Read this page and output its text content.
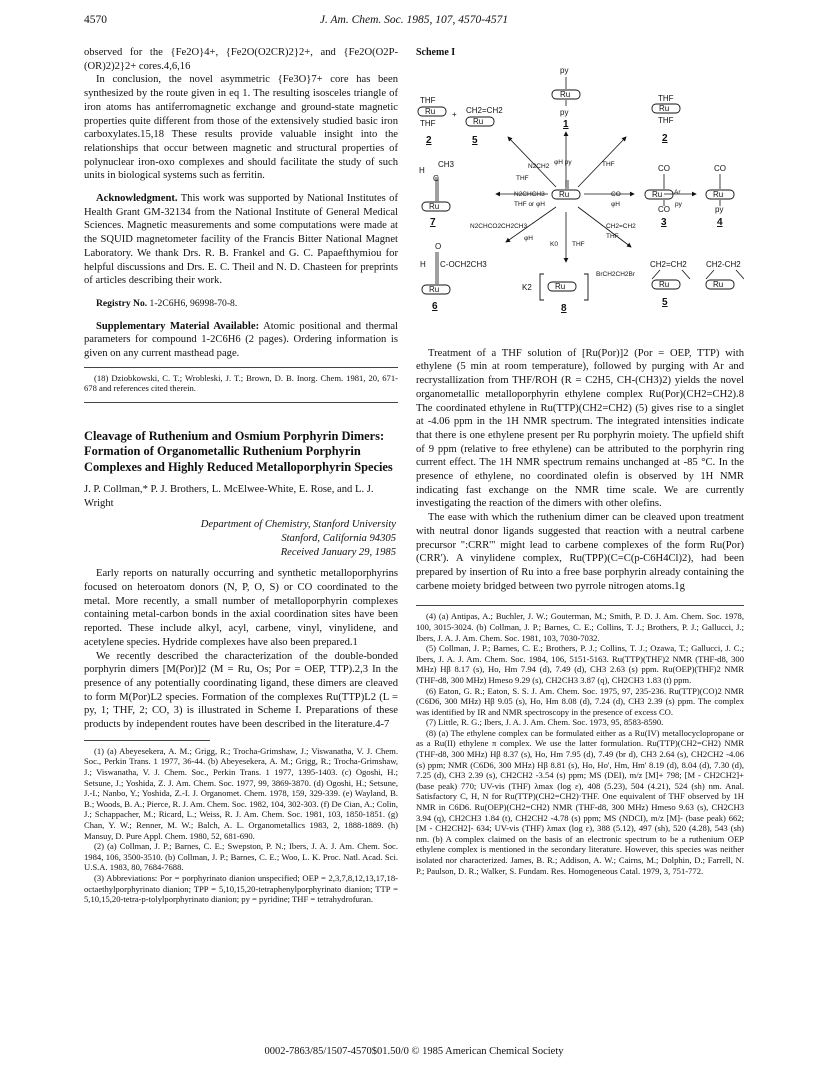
4570	J. Am. Chem. Soc. 1985, 107, 4570-4571

observed for the {Fe2O}4+, {Fe2O(O2CR)2}2+, and {Fe2O(O2P-(OR)2)2}2+ cores.4,6,16

In conclusion, the novel asymmetric {Fe3O}7+ core has been synthesized by the route given in eq 1. The resulting isosceles triangle of iron atoms has antiferromagnetic exchange and ground-state magnetic properties quite different from those of the extensively studied basic iron carboxylates.15,18 These results provide valuable insight into the relationships that occur between magnetic and structural properties of polynuclear iron-oxo complexes and should facilitate the study of such units in biological systems such as ferritin.

Acknowledgment. This work was supported by National Institutes of Health Grant GM-32134 from the National Institute of General Medical Sciences. Magnetic measurements and some computations were made at the SQUID magnetometer facility of the Francis Bitter National Magnet Laboratory. We thank Drs. R. B. Frankel and G. C. Papaefthymiou for helpful discussions and Drs. E. C. Theil and N. D. Chasteen for preprints of articles describing their work.

Registry No. 1-2C6H6, 96998-70-8.

Supplementary Material Available: Atomic positional and thermal parameters for compound 1-2C6H6 (2 pages). Ordering information is given on any current masthead page.

(18) Dziobkowski, C. T.; Wrobleski, J. T.; Brown, D. B. Inorg. Chem. 1981, 20, 671-678 and references cited therein.

Cleavage of Ruthenium and Osmium Porphyrin Dimers: Formation of Organometallic Ruthenium Porphyrin Complexes and Highly Reduced Metalloporphyrin Species
J. P. Collman,* P. J. Brothers, L. McElwee-White, E. Rose, and L. J. Wright
Department of Chemistry, Stanford University
Stanford, California 94305
Received January 29, 1985

Early reports on naturally occurring and synthetic metalloporphyrins focused on heteroatom donors (N, P, O, S) or CO coordinated to the metal. More recently, a small number of metalloporphyrin complexes containing metal-carbon bonds in the axial coordination sites have been reported. These include alkyl, acyl, carbene, vinyl, vinylidene, and acetylene species. Hydride complexes have also been prepared.1

We recently described the characterization of the double-bonded porphyrin dimers [M(Por)]2 (M = Ru, Os; Por = OEP, TTP).2,3 In the presence of any potentially coordinating ligand, these dimers are cleaved to form M(Por)L2 species. Formation of the complexes Ru(TTP)L2 (L = py, 1; THF, 2; CO, 3) is illustrated in Scheme I. Preparations of these products by independent routes have been described in the literature.4-7

(1) (a) Abeyesekera, A. M.; Grigg, R.; Trocha-Grimshaw, J.; Viswanatha, V. J. Chem. Soc., Perkin Trans. 1 1977, 36-44. (b) Abeyesekera, A. M.; Grigg, R.; Trocha-Grimshaw, J.; Viswanatha, V. J. Chem. Soc., Perkin Trans. 1 1977, 1395-1403. (c) Ogoshi, H.; Setsune, J.; Yoshida, Z. J. Am. Chem. Soc. 1977, 99, 3869-3870. (d) Ogoshi, H.; Setsune, J.-I.; Nanbo, Y.; Yoshida, Z.-I. J. Organomet. Chem. 1978, 159, 329-339. (e) Wayland, B. B.; Woods, B. A.; Pierce, R. J. Am. Chem. Soc. 1982, 104, 302-303. (f) De Cian, A.; Colin, J.; Schappacher, M.; Ricard, L.; Weiss, R. J. Am. Chem. Soc. 1981, 103, 1850-1851. (g) Chan, Y. W.; Renner, M. W.; Balch, A. L. Organometallics 1983, 2, 1888-1889. (h) Mansuy, D. Pure Appl. Chem. 1980, 52, 681-690.

(2) (a) Collman, J. P.; Barnes, C. E.; Swepston, P. N.; Ibers, J. A. J. Am. Chem. Soc. 1984, 106, 3500-3510. (b) Collman, J. P.; Barnes, C. E.; Woo, L. K. Proc. Natl. Acad. Sci. U.S.A. 1983, 80, 7684-7688.

(3) Abbreviations: Por = porphyrinato dianion unspecified; OEP = 2,3,7,8,12,13,17,18-octaethylporphyrinato dianion; TPP = 5,10,15,20-tetraphenylporphyrinato dianion; TTP = 5,10,15,20-tetra-p-tolylporphyrinato dianion; py = pyridine; THF = tetrahydrofuran.

Scheme I
py
Ru
py
1
THF
Ru
THF
+ CH2=CH2
Ru
2	5
THF
Ru
THF
2
H
CH3
C
Ru
7
Ru
CO
Ru
CO
3
CO
Ru
py
4
Ar
py
O
H C-OCH2CH3
Ru
6
K2	Ru
8
CH2=CH2
Ru
5
CH2-CH2
Ru
N2CHCH3
THF or φH
CO
φH
N2CH2
THF
φH py	THF
N2CHCO2CH2CH3
φH
CH2=CH2
THF
K0 THF
BrCH2CH2Br

Treatment of a THF solution of [Ru(Por)]2 (Por = OEP, TTP) with ethylene (5 min at room temperature), followed by purging with Ar and recrystallization from THF/ROH (R = C2H5, CH-(CH3)2) yields the novel organometallic metalloporphyrin ethylene complex Ru(Por)(CH2=CH2).8 The coordinated ethylene in Ru(TTP)(CH2=CH2) (5) gives rise to a singlet at -4.06 ppm in the 1H NMR spectrum. The integrated intensities indicate that there is one ethylene present per Ru porphyrin moiety. The upfield shift of 9 ppm (relative to free ethylene) can be attributed to the porphyrin ring current effect. The 1H NMR spectrum remains unchanged at -85 °C. In the presence of ethylene, no coordinated olefin is observed by 1H NMR indicating fast exchange on the NMR time scale. We are currently investigating the reaction of the dimers with other olefins.

The ease with which the ruthenium dimer can be cleaved upon treatment with neutral donor ligands suggested that reaction with a neutral carbene precursor ":CRR'" might lead to carbene complexes of the form Ru(Por)(CRR'). A vinylidene complex, Ru(TPP)(C=C(p-C6H4Cl)2), had been prepared by insertion of Ru into a free base porphyrin already containing the carbene moiety bridged between two pyrrole nitrogen atoms.1g

(4) (a) Antipas, A.; Buchler, J. W.; Gouterman, M.; Smith, P. D. J. Am. Chem. Soc. 1978, 100, 3015-3024. (b) Collman, J. P.; Barnes, C. E.; Collins, T. J.; Brothers, P. J.; Gallucci, J.; Ibers, J. A. J. Am. Chem. Soc. 1981, 103, 7030-7032.

(5) Collman, J. P.; Barnes, C. E.; Brothers, P. J.; Collins, T. J.; Ozawa, T.; Gallucci, J. C.; Ibers, J. A. J. Am. Chem. Soc. 1984, 106, 5151-5163. Ru(TTP)(THF)2 NMR (THF-d8, 300 MHz) Hβ 8.17 (s), Ho, Hm 7.94 (d), 7.49 (d), CH3 2.63 (s) ppm. Ru(OEP)(THF)2 NMR (THF-d8, 300 MHz) Hmeso 9.29 (s), CH2CH3 3.87 (q), CH2CH3 1.83 (t) ppm.

(6) Eaton, G. R.; Eaton, S. S. J. Am. Chem. Soc. 1975, 97, 235-236. Ru(TTP)(CO)2 NMR (C6D6, 300 MHz) Hβ 9.05 (s), Ho, Hm 8.08 (d), 7.24 (d), CH3 2.39 (s) ppm. The complex was identified by IR and NMR spectroscopy in the presence of excess CO.

(7) Little, R. G.; Ibers, J. A. J. Am. Chem. Soc. 1973, 95, 8583-8590.

(8) (a) The ethylene complex can be formulated either as a Ru(IV) metallocyclopropane or as a Ru(II) ethylene π complex. We use the latter formulation. Ru(TTP)(CH2=CH2) NMR (THF-d8, 300 MHz) Hβ 8.37 (s), Ho, Hm 7.95 (d), 7.49 (br d), CH3 2.64 (s), CH2CH2 -4.06 (s) ppm; NMR (C6D6, 300 MHz) Hβ 8.81 (s), Ho, Ho', Hm, Hm' 8.19 (d), 8.04 (d), 7.30 (d), 7.25 (d), CH3 2.39 (s), CH2CH2 -3.54 (s) ppm; MS (DEI), m/z [M]+ 798; [M - CH2CH2]+ (base peak) 770; UV-vis (THF) λmax (log ε), 408 (5.23), 504 (4.21), 524 (sh) nm. Anal. Satisfactory C, H, N for Ru(TTP)(CH2=CH2)·THF. One equivalent of THF observed by 1H NMR in C6D6. Ru(OEP)(CH2=CH2) NMR (THF-d8, 300 MHz) Hmeso 9.63 (s), CH2CH3 3.94 (q), CH2CH3 1.84 (t), CH2CH2 -4.78 (s) ppm; MS (NDCI), m/z [M]- (base peak) 662; [M - CH2CH2]- 634; UV-vis (THF) λmax (log ε), 388 (5.12), 497 (sh), 520 (4.28), 543 (sh) nm. (b) A complex claimed on the basis of an electronic spectrum to be a ruthenium OEP ethylene complex is mentioned in the secondary literature. However, this species was neither isolated nor characterized. James, B. R.; Addison, A. W.; Cairns, M.; Dolphin, D.; Farrell, N. P.; Paulson, D. R.; Walker, S. Fundam. Res. Homogeneous Catal. 1979, 3, 751-772.

0002-7863/85/1507-4570$01.50/0 © 1985 American Chemical Society
